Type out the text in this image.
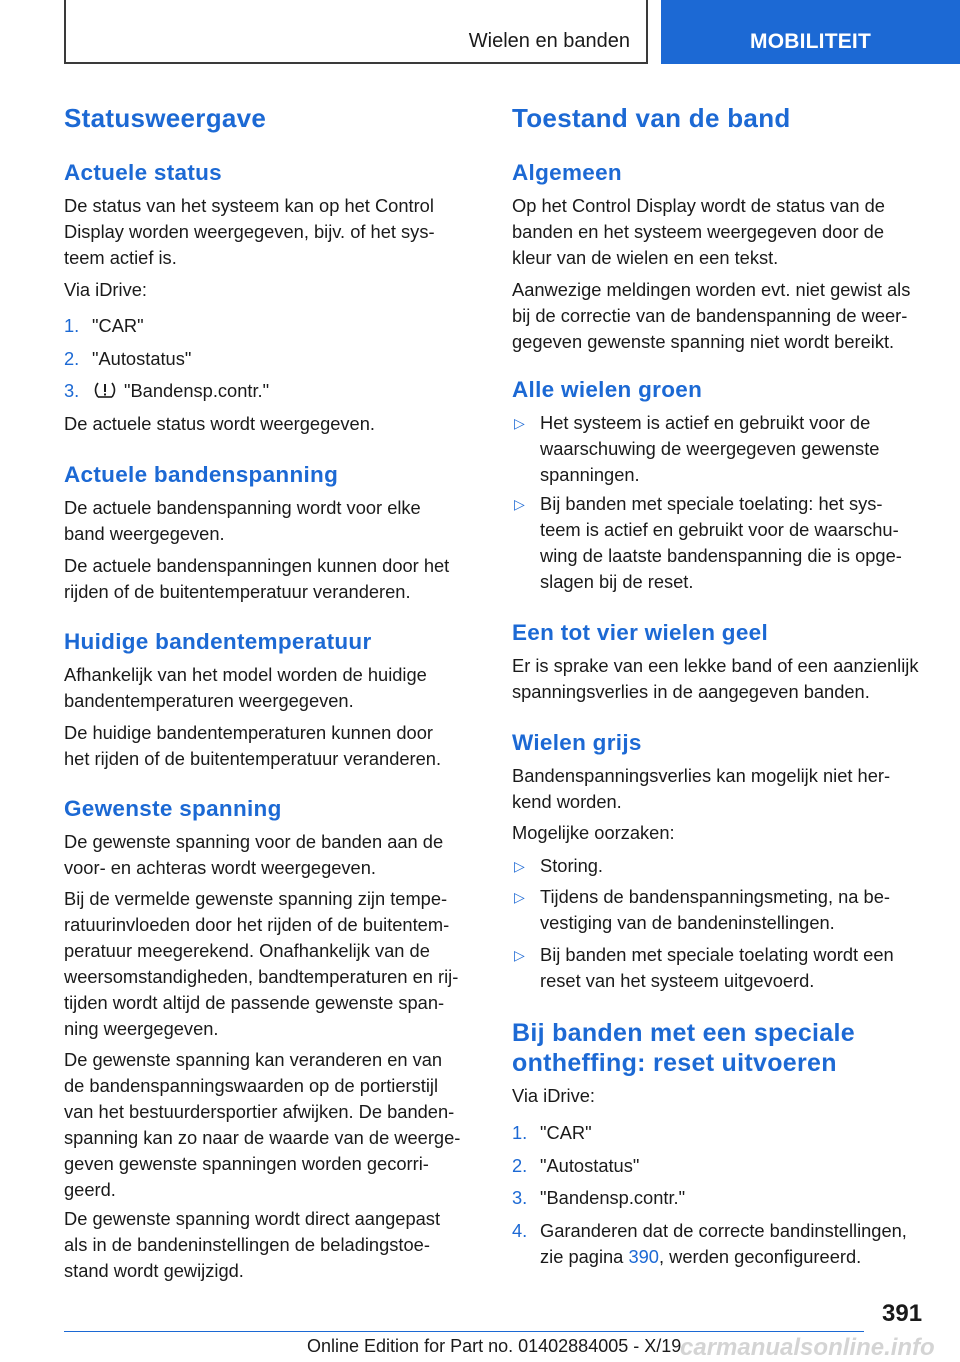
Wielen en banden	MOBILITEIT
Statusweergave
Actuele status
De status van het systeem kan op het Control
Display worden weergegeven, bijv. of het sys‐
teem actief is.
Via iDrive:
1. "CAR"
2. "Autostatus"
3.	"Bandensp.contr."
De actuele status wordt weergegeven.
Actuele bandenspanning
De actuele bandenspanning wordt voor elke
band weergegeven.
De actuele bandenspanningen kunnen door het
rijden of de buitentemperatuur veranderen.
Huidige bandentemperatuur
Afhankelijk van het model worden de huidige
bandentemperaturen weergegeven.
De huidige bandentemperaturen kunnen door
het rijden of de buitentemperatuur veranderen.
Gewenste spanning
De gewenste spanning voor de banden aan de
voor- en achteras wordt weergegeven.
Bij de vermelde gewenste spanning zijn tempe‐
ratuurinvloeden door het rijden of de buitentem‐
peratuur meegerekend. Onafhankelijk van de
weersomstandigheden, bandtemperaturen en rij‐
tijden wordt altijd de passende gewenste span‐
ning weergegeven.
De gewenste spanning kan veranderen en van
de bandenspanningswaarden op de portierstijl
van het bestuurdersportier afwijken. De banden‐
spanning kan zo naar de waarde van de weerge‐
geven gewenste spanningen worden gecorri‐
geerd.
De gewenste spanning wordt direct aangepast
als in de bandeninstellingen de beladingstoe‐
stand wordt gewijzigd.
Toestand van de band
Algemeen
Op het Control Display wordt de status van de
banden en het systeem weergegeven door de
kleur van de wielen en een tekst.
Aanwezige meldingen worden evt. niet gewist als
bij de correctie van de bandenspanning de weer‐
gegeven gewenste spanning niet wordt bereikt.
Alle wielen groen
▷ Het systeem is actief en gebruikt voor de
waarschuwing de weergegeven gewenste
spanningen.
▷ Bij banden met speciale toelating: het sys‐
teem is actief en gebruikt voor de waarschu‐
wing de laatste bandenspanning die is opge‐
slagen bij de reset.
Een tot vier wielen geel
Er is sprake van een lekke band of een aanzienlijk
spanningsverlies in de aangegeven banden.
Wielen grijs
Bandenspanningsverlies kan mogelijk niet her‐
kend worden.
Mogelijke oorzaken:
▷ Storing.
▷ Tijdens de bandenspanningsmeting, na be‐
vestiging van de bandeninstellingen.
▷ Bij banden met speciale toelating wordt een
reset van het systeem uitgevoerd.
Bij banden met een speciale
ontheffing: reset uitvoeren
Via iDrive:
1. "CAR"
2. "Autostatus"
3. "Bandensp.contr."
4. Garanderen dat de correcte bandinstellingen,
zie pagina 390, werden geconfigureerd.
391
Online Edition for Part no. 01402884005 - X/19
carmanualsonline.info
